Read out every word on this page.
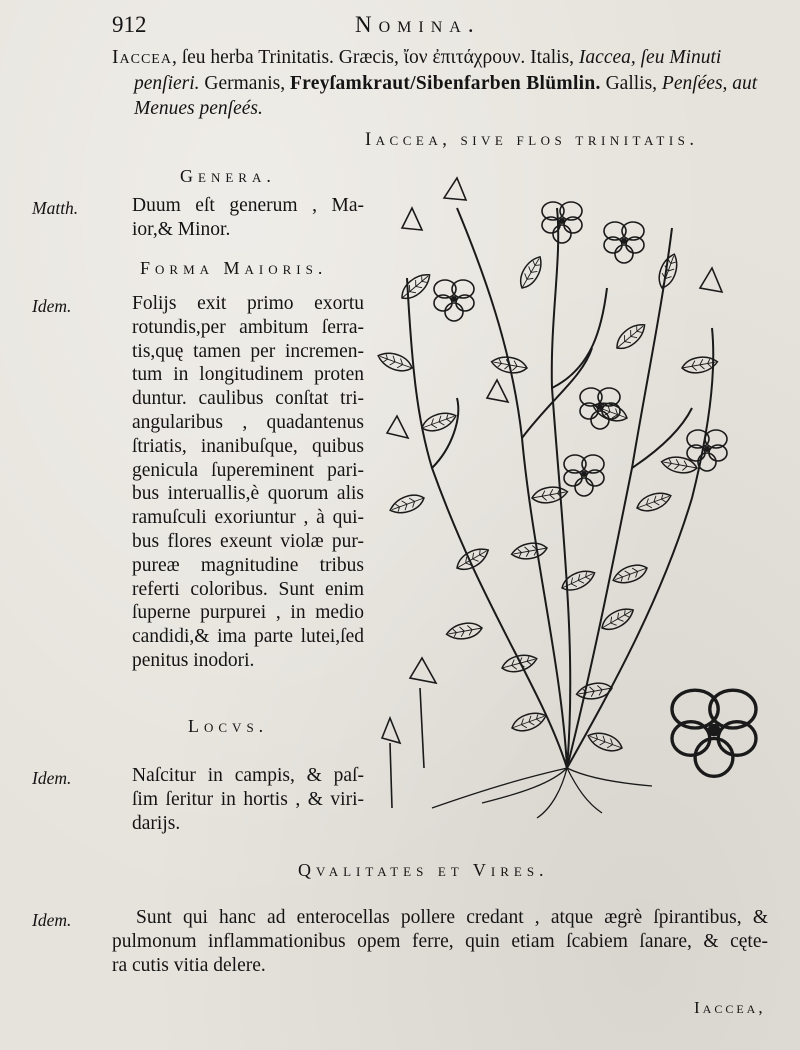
912	Nomina.
Iaccea, ſeu herba Trinitatis. Græcis, ἴον ἐπιτάχρουν. Italis, Iaccea, ſeu Minuti
penſieri. Germanis, Freyſamkraut/Sibenfarben Blümlin. Gallis, Penſées, aut
Menues penſeés.
Iaccea, sive flos trinitatis.
Genera.
Matth.	Duum eſt generum , Ma-
ior,& Minor.
Forma Maioris.
Idem.	Folijs exit primo exortu
rotundis,per ambitum ſerra-
tis,quę tamen per incremen-
tum in longitudinem proten
duntur. caulibus conſtat tri-
angularibus , quadantenus
ſtriatis, inanibuſque, quibus
genicula ſupereminent pari-
bus interuallis,è quorum alis
ramuſculi exoriuntur , à qui-
bus flores exeunt violæ pur-
pureæ magnitudine tribus
referti coloribus. Sunt enim
ſuperne purpurei , in medio
candidi,& ima parte lutei,ſed
penitus inodori.
Locvs.
Idem.	Naſcitur in campis, & paſ-
ſim ſeritur in hortis , & viri-
darijs.
Qvalitates et Vires.
Idem.	Sunt qui hanc ad enterocellas pollere credant , atque ægrè ſpirantibus, &
pulmonum inflammationibus opem ferre, quin etiam ſcabiem ſanare, & cęte-
ra cutis vitia delere.
Iaccea,
